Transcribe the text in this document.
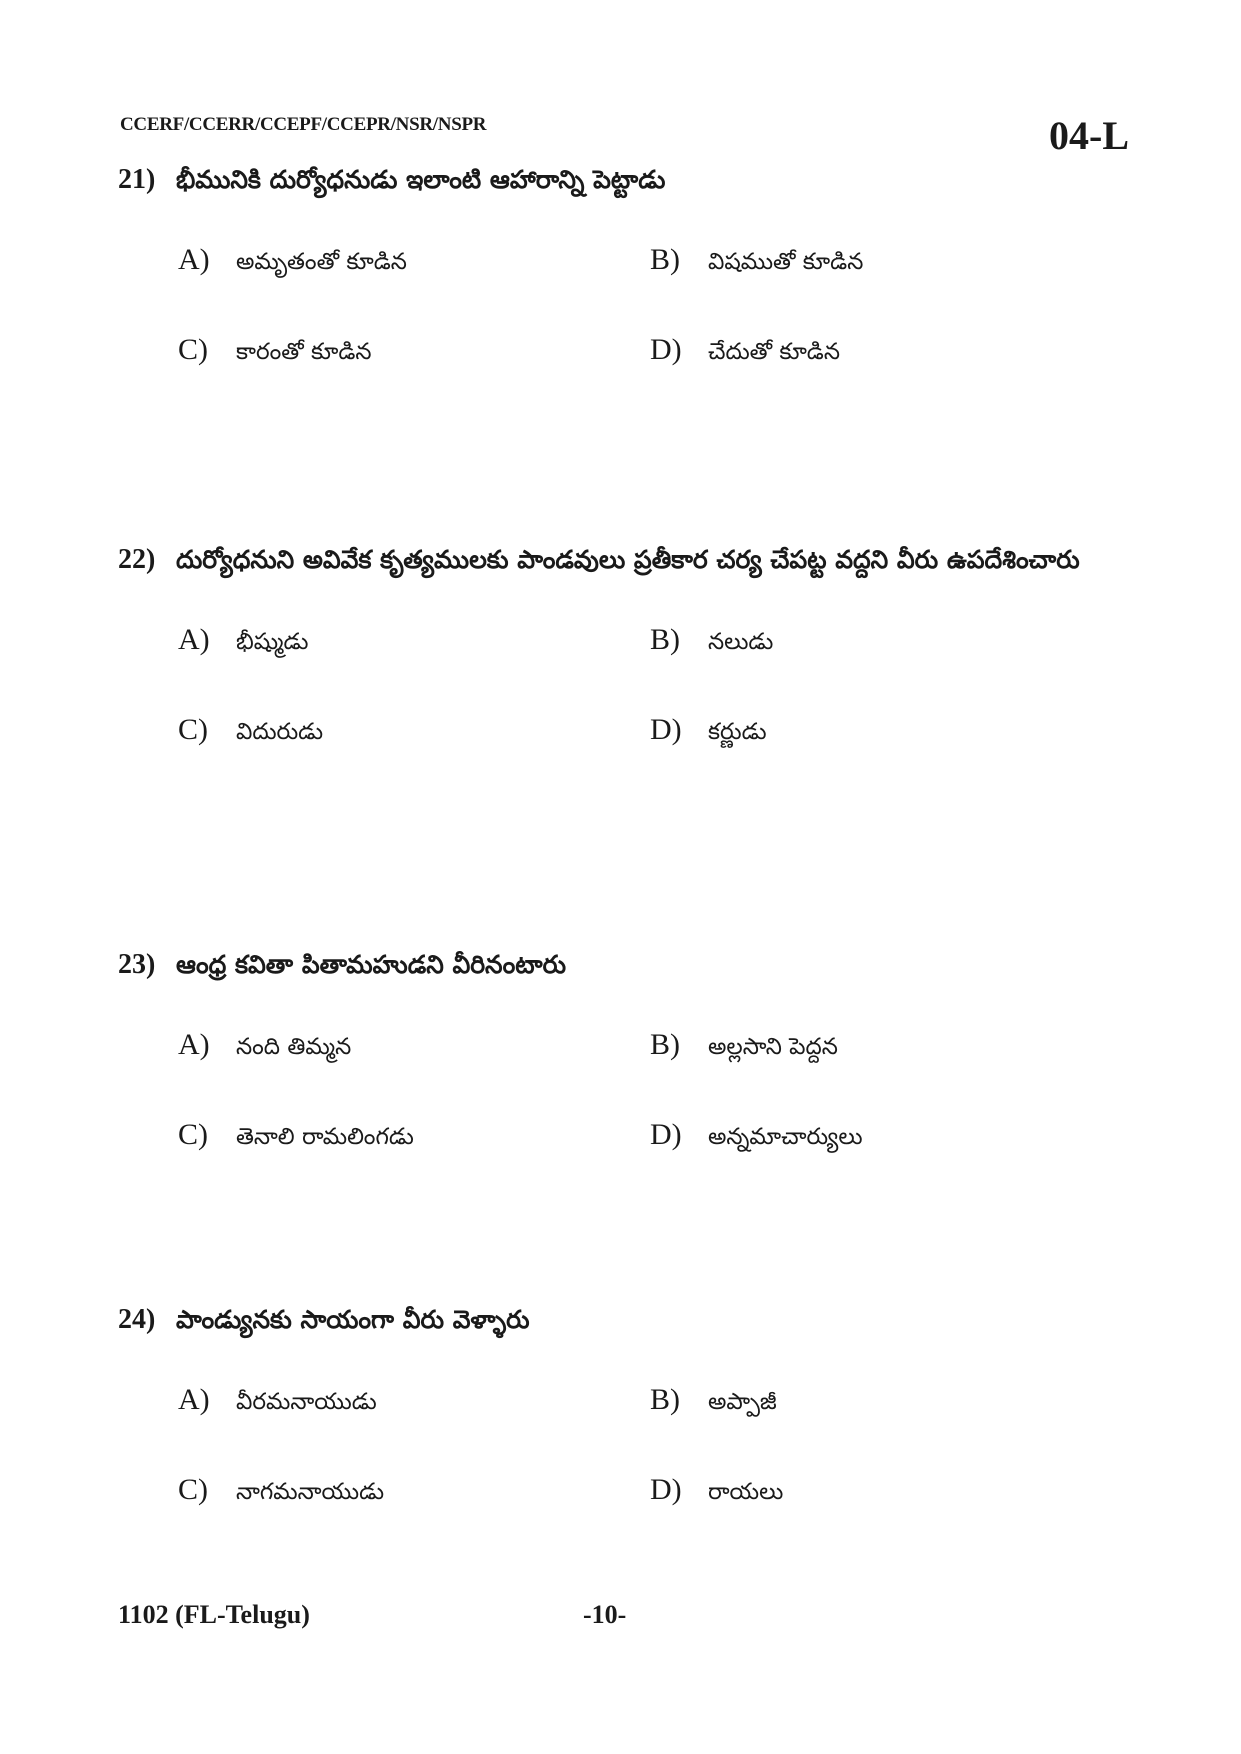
CCERF/CCERR/CCEPF/CCEPR/NSR/NSPR	04-L
21) భీమునికి దుర్యోధనుడు ఇలాంటి ఆహారాన్ని పెట్టాడు
A)	అమృతంతో కూడిన	B)	విషముతో కూడిన
C)	కారంతో కూడిన	D)	చేదుతో కూడిన
22) దుర్యోధనుని అవివేక కృత్యములకు పాండవులు ప్రతీకార చర్య చేపట్ట వద్దని వీరు ఉపదేశించారు
A)	భీష్ముడు	B)	నలుడు
C)	విదురుడు	D)	కర్ణుడు
23) ఆంధ్ర కవితా పితామహుడని వీరినంటారు
A)	నంది తిమ్మన	B)	అల్లసాని పెద్దన
C)	తెనాలి రామలింగడు	D)	అన్నమాచార్యులు
24) పాండ్యునకు సాయంగా వీరు వెళ్ళారు
A)	వీరమనాయుడు	B)	అప్పాజీ
C)	నాగమనాయుడు	D)	రాయలు
1102 (FL-Telugu)	-10-
